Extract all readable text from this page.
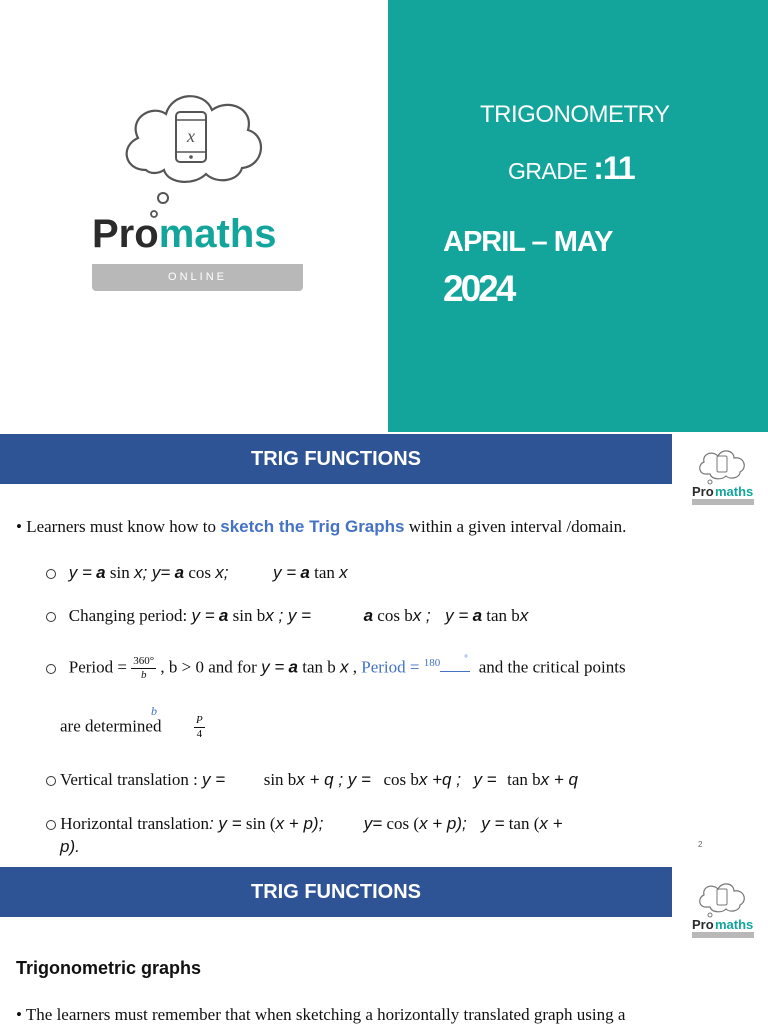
x
Promaths
ONLINE
TRIGONOMETRY
GRADE :11
APRIL – MAY
2024
TRIG FUNCTIONS
Pro maths
• Learners must know how to sketch the Trig Graphs within a given interval /domain.
y = a sin x; y= a cos x;	y = a tan x
Changing period: y = a sin bx ; y =	a cos bx ; y = a tan bx
Period = $\frac{360^\circ}{b}$ , b > 0 and for y = a tan b x , Period = $^{180}$	° and the critical points
b
are determined	$\frac{P}{4}$
Vertical translation : y = sin bx + q ; y = cos bx +q ; y = tan bx + q
Horizontal translation: y = sin (x + p); y= cos (x + p); y = tan (x +
p).	2
TRIG FUNCTIONS
Pro maths
Trigonometric graphs
• The learners must remember that when sketching a horizontally translated graph using a
